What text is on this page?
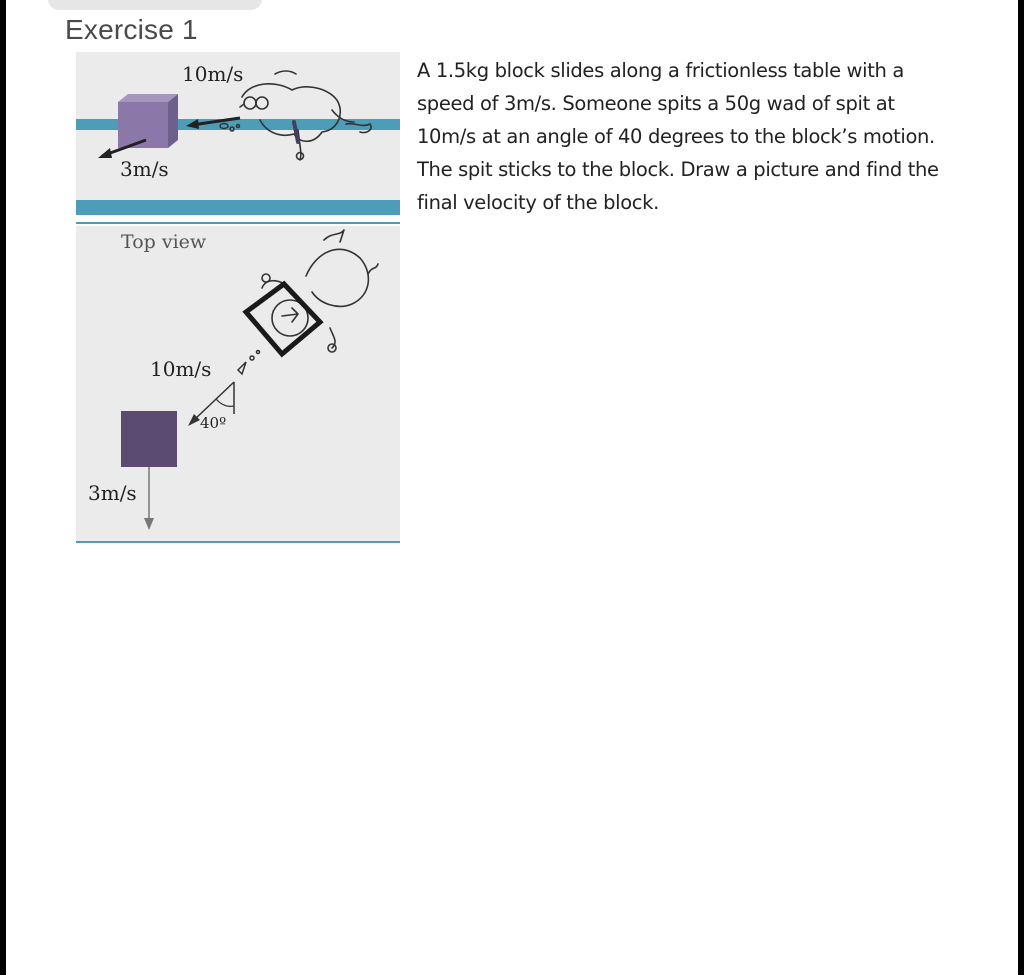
Exercise 1
10m/s
3m/s
Top view
10m/s
40º
3m/s
A 1.5kg block slides along a frictionless table with a
speed of 3m/s. Someone spits a 50g wad of spit at
10m/s at an angle of 40 degrees to the block’s motion.
The spit sticks to the block. Draw a picture and find the
final velocity of the block.
